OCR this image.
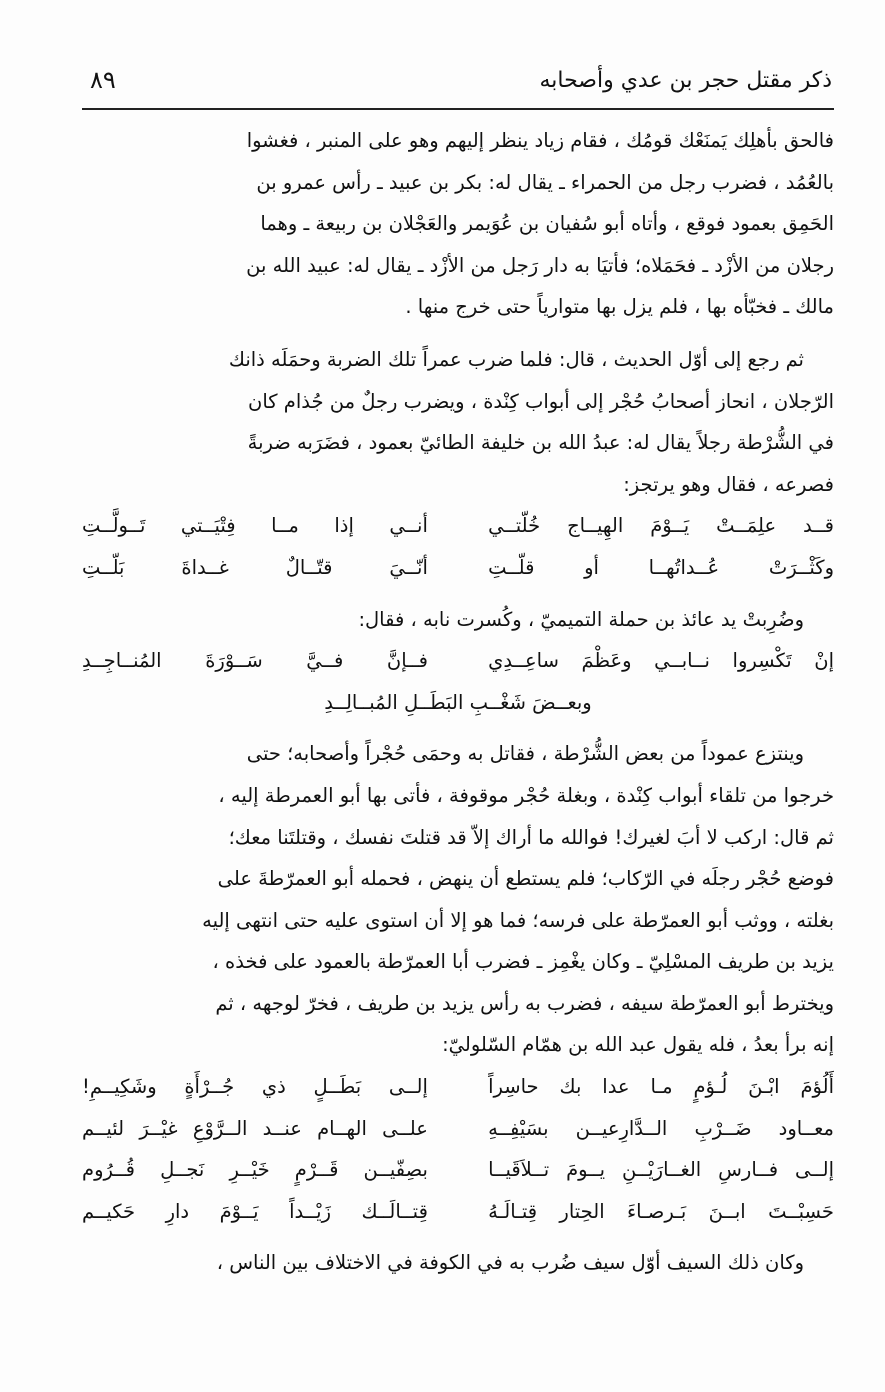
ذكر مقتل حجر بن عدي وأصحابه
٨٩
فالحق بأهلِك يَمنَعْك قومُك ، فقام زياد ينظر إليهم وهو على المنبر ، فغشوا
بالعُمُد ، فضرب رجل من الحمراء ـ يقال له: بكر بن عبيد ـ رأس عمرو بن
الحَمِق بعمود فوقع ، وأتاه أبو سُفيان بن عُوَيمر والعَجْلان بن ربيعة ـ وهما
رجلان من الأزْد ـ فحَمَلاه؛ فأتيَا به دار رَجل من الأزْد ـ يقال له: عبيد الله بن
مالك ـ فخبّأه بها ، فلم يزل بها متوارياً حتى خرج منها .
ثم رجع إلى أوّل الحديث ، قال: فلما ضرب عمراً تلك الضربة وحمَلَه ذانك
الرّجلان ، انحاز أصحابُ حُجْر إلى أبواب كِنْدة ، ويضرب رجلٌ من جُذام كان
في الشُّرْطة رجلاً يقال له: عبدُ الله بن خليفة الطائيّ بعمود ، فضَرَبه ضربةً
فصرعه ، فقال وهو يرتجز:
قــد علِمَــتْ يَــوْمَ الهِيــاج خُلّتــي
أنــي إذا مــا فِتْيَــتي تَــولَّــتِ
وكَثْــرَتْ عُــداتُهــا أو قلّــتِ
أنّــيَ قتّــالٌ غــداةَ بَلّــتِ
وضُرِبتْ يد عائذ بن حملة التميميّ ، وكُسرت نابه ، فقال:
إنْ تَكْسِروا نــابــي وعَظْمَ ساعِــدِي
فــإنَّ فــيَّ سَــوْرَةَ المُنــاجِــدِ
وبعــضَ شَغْــبِ البَطَــلِ المُبــالِــدِ
وينتزع عموداً من بعض الشُّرْطة ، فقاتل به وحمَى حُجْراً وأصحابه؛ حتى
خرجوا من تلقاء أبواب كِنْدة ، وبغلة حُجْر موقوفة ، فأتى بها أبو العمرطة إليه ،
ثم قال: اركب لا أبَ لغيرك! فوالله ما أراك إلاّ قد قتلتَ نفسك ، وقتلتَنا معك؛
فوضع حُجْر رجلَه في الرّكاب؛ فلم يستطع أن ينهض ، فحمله أبو العمرّطةَ على
بغلته ، ووثب أبو العمرّطة على فرسه؛ فما هو إلا أن استوى عليه حتى انتهى إليه
يزيد بن طريف المسْلِيّ ـ وكان يغْمِز ـ فضرب أبا العمرّطة بالعمود على فخذه ،
ويخترط أبو العمرّطة سيفه ، فضرب به رأس يزيد بن طريف ، فخرّ لوجهه ، ثم
إنه برأ بعدُ ، فله يقول عبد الله بن همّام السّلوليّ:
أَلُؤمَ ابْـنَ لُـؤمٍ مـا عدا بك حاسِراً
إلــى بَطَــلٍ ذي جُــرْأَةٍ وشَكِيــمِ!
معــاود ضَــرْبِ الــدَّارِعيــن بسَيْفِــهِ
علــى الهــام عنــد الــرَّوْعِ غيْــرَ لئيــم
إلــى فــارسِ الغــارَيْــنِ يــومَ تــلاَقَيــا
بصِفّيــن قَــرْمٍ خَيْــرِ نَجــلِ قُــرُوم
حَسِبْــتَ ابــنَ بَـرصـاءَ الحِتار قِتـالَـهُ
قِتــالَــك زَيْــداً يَــوْمَ دارِ حَكيــم
وكان ذلك السيف أوّل سيف ضُرب به في الكوفة في الاختلاف بين الناس ،
